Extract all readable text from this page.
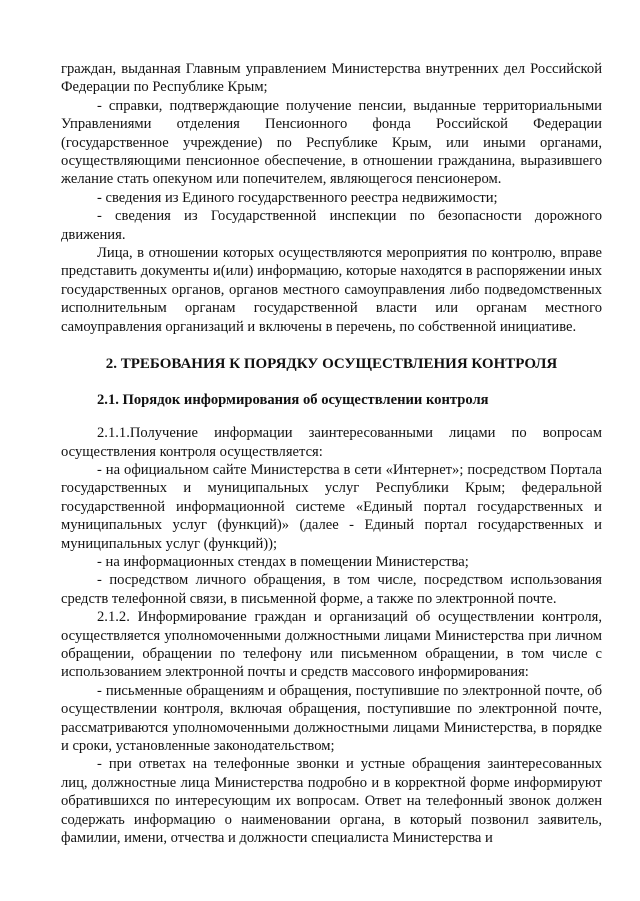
граждан, выданная Главным управлением Министерства внутренних дел Российской Федерации по Республике Крым;

- справки, подтверждающие получение пенсии, выданные территориальными Управлениями отделения Пенсионного фонда Российской Федерации (государственное учреждение) по Республике Крым, или иными органами, осуществляющими пенсионное обеспечение, в отношении гражданина, выразившего желание стать опекуном или попечителем, являющегося пенсионером.

- сведения из Единого государственного реестра недвижимости;

- сведения из Государственной инспекции по безопасности дорожного движения.

Лица, в отношении которых осуществляются мероприятия по контролю, вправе представить документы и(или) информацию, которые находятся в распоряжении иных государственных органов, органов местного самоуправления либо подведомственных исполнительным органам государственной власти или органам местного самоуправления организаций и включены в перечень, по собственной инициативе.

2. ТРЕБОВАНИЯ К ПОРЯДКУ ОСУЩЕСТВЛЕНИЯ КОНТРОЛЯ
2.1. Порядок информирования об осуществлении контроля

2.1.1.Получение информации заинтересованными лицами по вопросам осуществления контроля осуществляется:

- на официальном сайте Министерства в сети «Интернет»; посредством Портала государственных и муниципальных услуг Республики Крым; федеральной государственной информационной системе «Единый портал государственных и муниципальных услуг (функций)» (далее - Единый портал государственных и муниципальных услуг (функций));

- на информационных стендах в помещении Министерства;

- посредством личного обращения, в том числе, посредством использования средств телефонной связи, в письменной форме, а также по электронной почте.

2.1.2. Информирование граждан и организаций об осуществлении контроля, осуществляется уполномоченными должностными лицами Министерства при личном обращении, обращении по телефону или письменном обращении, в том числе с использованием электронной почты и средств массового информирования:

- письменные обращениям и обращения, поступившие по электронной почте, об осуществлении контроля, включая обращения, поступившие по электронной почте, рассматриваются уполномоченными должностными лицами Министерства, в порядке и сроки, установленные законодательством;

- при ответах на телефонные звонки и устные обращения заинтересованных лиц, должностные лица Министерства подробно и в корректной форме информируют обратившихся по интересующим их вопросам. Ответ на телефонный звонок должен содержать информацию о наименовании органа, в который позвонил заявитель, фамилии, имени, отчества и должности специалиста Министерства и
